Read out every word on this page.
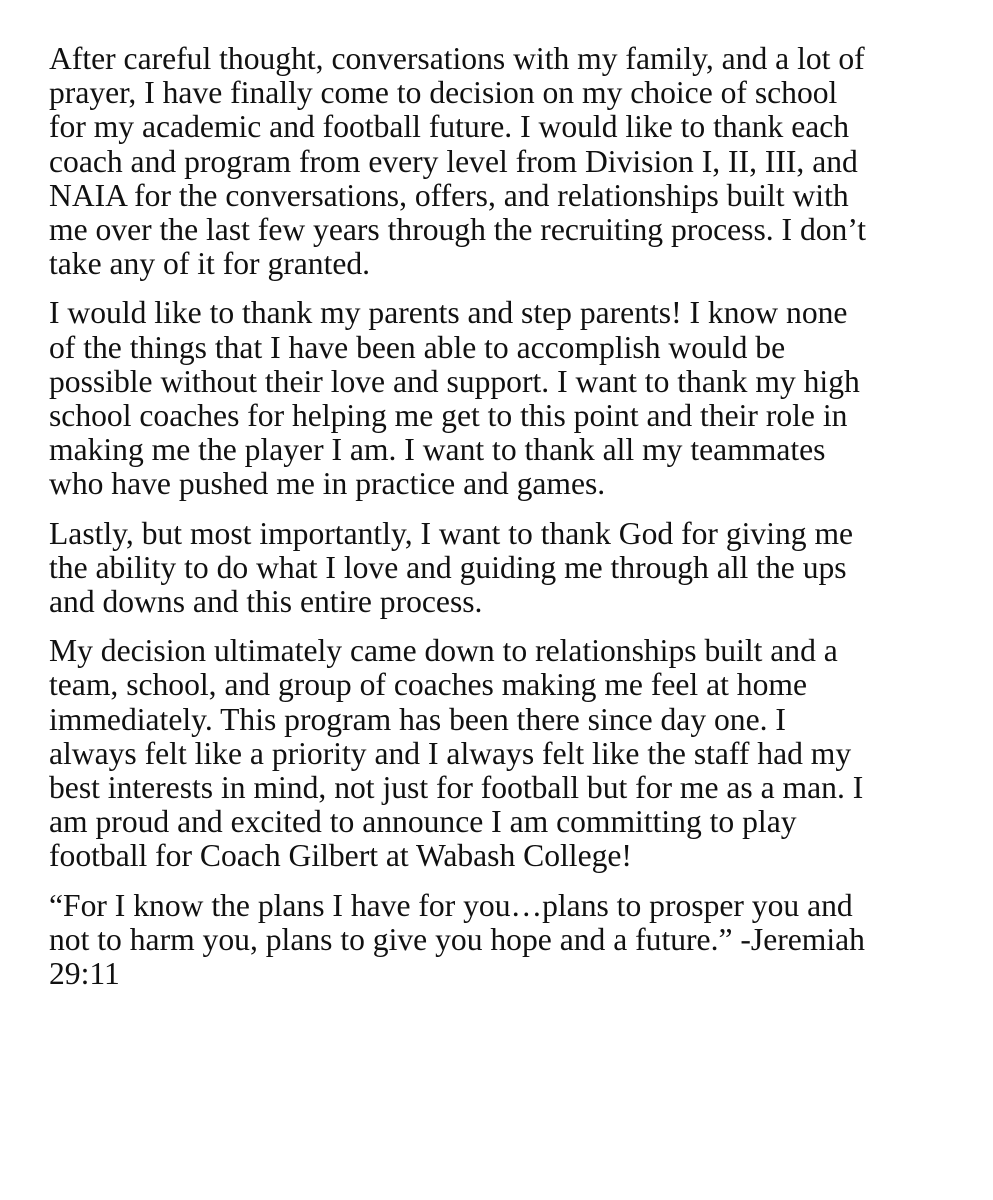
After careful thought, conversations with my family, and a lot of
prayer, I have finally come to decision on my choice of school
for my academic and football future. I would like to thank each
coach and program from every level from Division I, II, III, and
NAIA for the conversations, offers, and relationships built with
me over the last few years through the recruiting process. I don’t
take any of it for granted.

I would like to thank my parents and step parents! I know none
of the things that I have been able to accomplish would be
possible without their love and support. I want to thank my high
school coaches for helping me get to this point and their role in
making me the player I am. I want to thank all my teammates
who have pushed me in practice and games.

Lastly, but most importantly, I want to thank God for giving me
the ability to do what I love and guiding me through all the ups
and downs and this entire process.

My decision ultimately came down to relationships built and a
team, school, and group of coaches making me feel at home
immediately. This program has been there since day one. I
always felt like a priority and I always felt like the staff had my
best interests in mind, not just for football but for me as a man. I
am proud and excited to announce I am committing to play
football for Coach Gilbert at Wabash College!

“For I know the plans I have for you…plans to prosper you and
not to harm you, plans to give you hope and a future.” -Jeremiah
29:11
